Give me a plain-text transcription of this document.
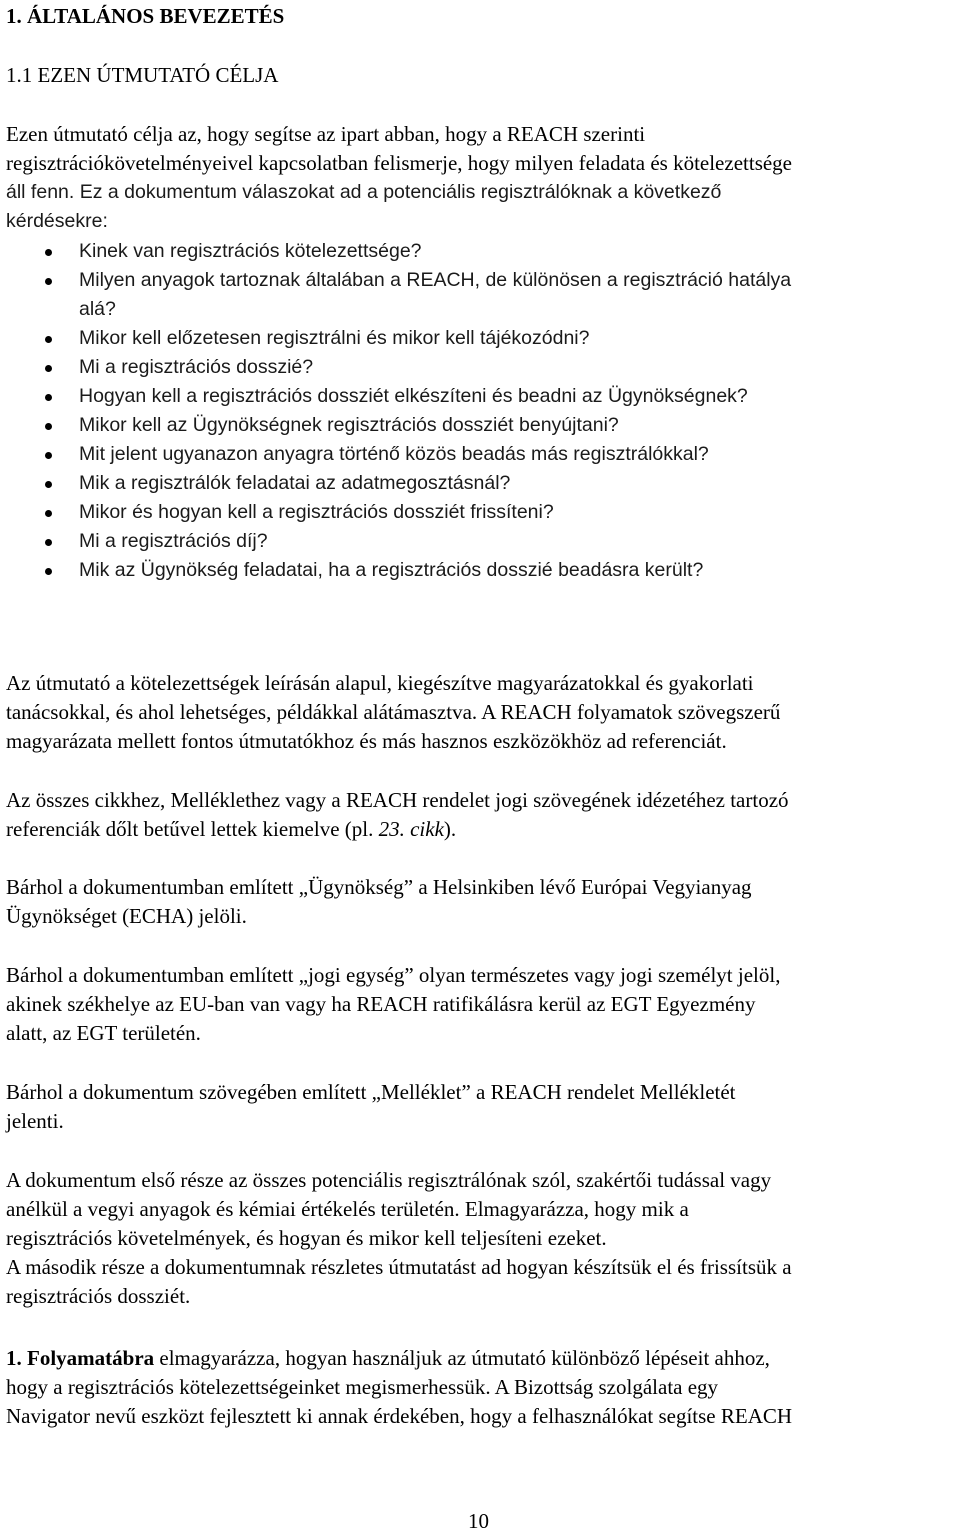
1. ÁLTALÁNOS BEVEZETÉS
1.1 EZEN ÚTMUTATÓ CÉLJA

Ezen útmutató célja az, hogy segítse az ipart abban, hogy a REACH szerinti
regisztrációkövetelményeivel kapcsolatban felismerje, hogy milyen feladata és kötelezettsége
áll fenn. Ez a dokumentum válaszokat ad a potenciális regisztrálóknak a következő
kérdésekre:

Kinek van regisztrációs kötelezettsége?
Milyen anyagok tartoznak általában a REACH, de különösen a regisztráció hatálya
alá?
Mikor kell előzetesen regisztrálni és mikor kell tájékozódni?
Mi a regisztrációs dosszié?
Hogyan kell a regisztrációs dossziét elkészíteni és beadni az Ügynökségnek?
Mikor kell az Ügynökségnek regisztrációs dossziét benyújtani?
Mit jelent ugyanazon anyagra történő közös beadás más regisztrálókkal?
Mik a regisztrálók feladatai az adatmegosztásnál?
Mikor és hogyan kell a regisztrációs dossziét frissíteni?
Mi a regisztrációs díj?
Mik az Ügynökség feladatai, ha a regisztrációs dosszié beadásra került?

Az útmutató a kötelezettségek leírásán alapul, kiegészítve magyarázatokkal és gyakorlati
tanácsokkal, és ahol lehetséges, példákkal alátámasztva. A REACH folyamatok szövegszerű
magyarázata mellett fontos útmutatókhoz és más hasznos eszközökhöz ad referenciát.

Az összes cikkhez, Melléklethez vagy a REACH rendelet jogi szövegének idézetéhez tartozó
referenciák dőlt betűvel lettek kiemelve (pl. 23. cikk).

Bárhol a dokumentumban említett „Ügynökség” a Helsinkiben lévő Európai Vegyianyag
Ügynökséget (ECHA) jelöli.

Bárhol a dokumentumban említett „jogi egység” olyan természetes vagy jogi személyt jelöl,
akinek székhelye az EU-ban van vagy ha REACH ratifikálásra kerül az EGT Egyezmény
alatt, az EGT területén.

Bárhol a dokumentum szövegében említett „Melléklet” a REACH rendelet Mellékletét
jelenti.

A dokumentum első része az összes potenciális regisztrálónak szól, szakértői tudással vagy
anélkül a vegyi anyagok és kémiai értékelés területén. Elmagyarázza, hogy mik a
regisztrációs követelmények, és hogyan és mikor kell teljesíteni ezeket.
A második része a dokumentumnak részletes útmutatást ad hogyan készítsük el és frissítsük a
regisztrációs dossziét.

1. Folyamatábra elmagyarázza, hogyan használjuk az útmutató különböző lépéseit ahhoz,
hogy a regisztrációs kötelezettségeinket megismerhessük. A Bizottság szolgálata egy
Navigator nevű eszközt fejlesztett ki annak érdekében, hogy a felhasználókat segítse REACH

10
